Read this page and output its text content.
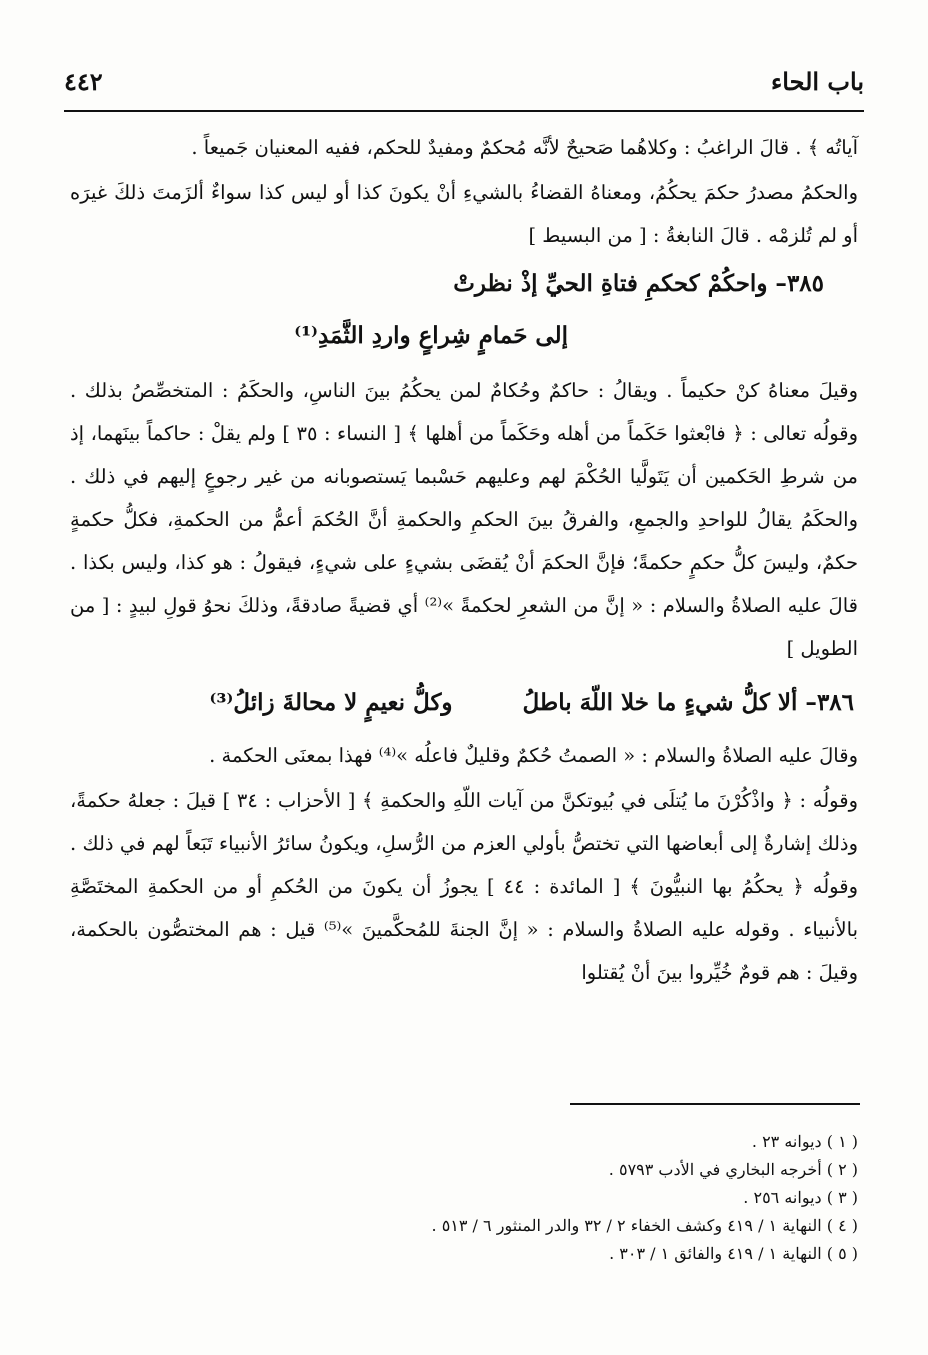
باب الحاء
٤٤٢

آياتُه ﴾ . قالَ الراغبُ : وكلاهُما صَحيحٌ لأنَّه مُحكمٌ ومفيدٌ للحكم، ففيه المعنيان جَميعاً .

والحكمُ مصدرُ حكمَ يحكُمُ، ومعناهُ القضاءُ بالشيءِ أنْ يكونَ كذا أو ليس كذا سواءٌ ألزَمتَ ذلكَ غيرَه أو لم تُلزمْه . قالَ النابغةُ : [ من البسيط ]

٣٨٥– واحكُمْ كحكمِ فتاةِ الحيِّ إذْ نظرتْ
إلى حَمامٍ شِراعٍ واردِ الثَّمَدِ⁽¹⁾

وقيلَ معناهُ كنْ حكيماً . ويقالُ : حاكمٌ وحُكامٌ لمن يحكُمُ بينَ الناسِ، والحكَمُ : المتخصِّصُ بذلك . وقولُه تعالى : ﴿ فابْعثوا حَكَماً من أهله وحَكَماً من أهلها ﴾ [ النساء : ٣٥ ] ولم يقلْ : حاكماً بينَهما، إذ من شرطِ الحَكمين أن يَتَولَّيا الحُكْمَ لهم وعليهم حَسْبما يَستصوبانه من غير رجوعٍ إليهم في ذلك . والحكَمُ يقالُ للواحدِ والجمعِ، والفرقُ بينَ الحكمِ والحكمةِ أنَّ الحُكمَ أعمُّ من الحكمةِ، فكلُّ حكمةٍ حكمٌ، وليسَ كلُّ حكمٍ حكمةً؛ فإنَّ الحكمَ أنْ يُقضَى بشيءٍ على شيءٍ، فيقولُ : هو كذا، وليس بكذا . قالَ عليه الصلاةُ والسلام : « إنَّ من الشعرِ لحكمةً »⁽²⁾ أي قضيةً صادقةً، وذلكَ نحوُ قولِ لبيدٍ : [ من الطويل ]

٣٨٦– ألا كلُّ شيءٍ ما خلا اللّهَ باطلُ
وكلُّ نعيمٍ لا محالةَ زائلُ⁽³⁾

وقالَ عليه الصلاةُ والسلام : « الصمتُ حُكمٌ وقليلٌ فاعلُه »⁽⁴⁾ فهذا بمعنَى الحكمة .

وقولُه : ﴿ واذْكُرْنَ ما يُتلَى في بُيوتكنَّ من آيات اللّهِ والحكمةِ ﴾ [ الأحزاب : ٣٤ ] قيلَ : جعلهُ حكمةً، وذلك إشارةٌ إلى أبعاضها التي تختصُّ بأولي العزم من الرُّسلِ، ويكونُ سائرُ الأنبياء تَبَعاً لهم في ذلك . وقولُه ﴿ يحكُمُ بها النبيُّونَ ﴾ [ المائدة : ٤٤ ] يجوزُ أن يكونَ من الحُكمِ أو من الحكمةِ المختَصَّةِ بالأنبياء . وقوله عليه الصلاةُ والسلام : « إنَّ الجنةَ للمُحكَّمينَ »⁽⁵⁾ قيل : هم المختصُّون بالحكمة، وقيلَ : هم قومٌ خُيِّروا بينَ أنْ يُقتلوا

( ١ ) ديوانه ٢٣ .
( ٢ ) أخرجه البخاري في الأدب ٥٧٩٣ .
( ٣ ) ديوانه ٢٥٦ .
( ٤ ) النهاية ١ / ٤١٩ وكشف الخفاء ٢ / ٣٢ والدر المنثور ٦ / ٥١٣ .
( ٥ ) النهاية ١ / ٤١٩ والفائق ١ / ٣٠٣ .
